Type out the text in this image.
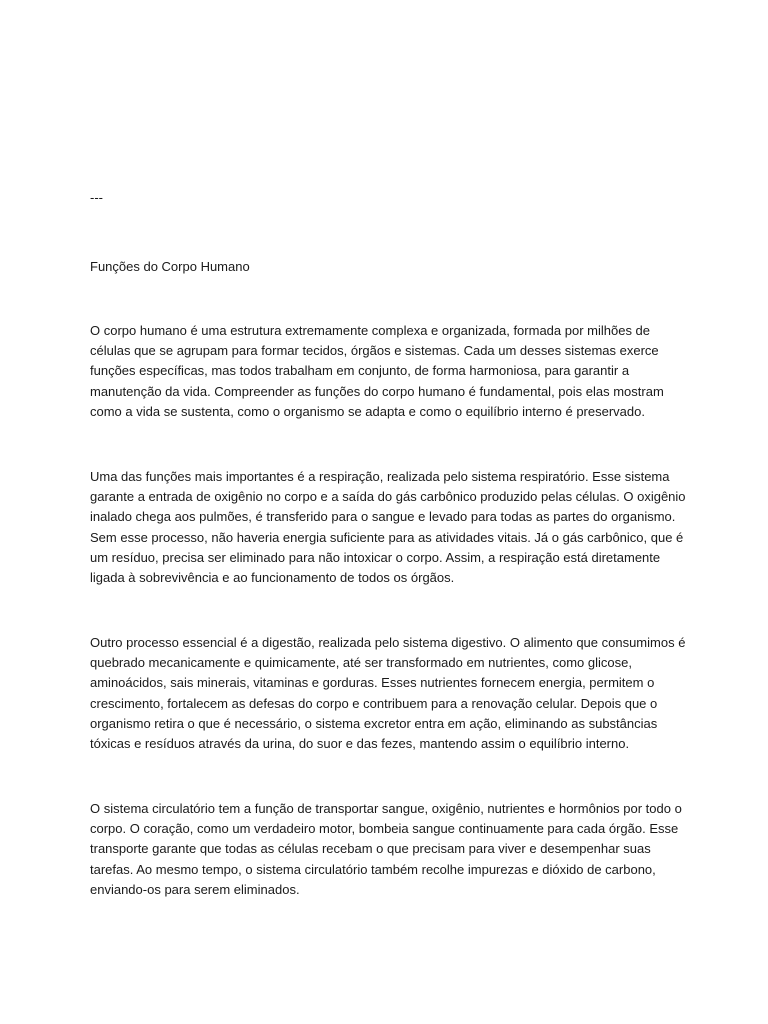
---

Funções do Corpo Humano

O corpo humano é uma estrutura extremamente complexa e organizada, formada por milhões de células que se agrupam para formar tecidos, órgãos e sistemas. Cada um desses sistemas exerce funções específicas, mas todos trabalham em conjunto, de forma harmoniosa, para garantir a manutenção da vida. Compreender as funções do corpo humano é fundamental, pois elas mostram como a vida se sustenta, como o organismo se adapta e como o equilíbrio interno é preservado.

Uma das funções mais importantes é a respiração, realizada pelo sistema respiratório. Esse sistema garante a entrada de oxigênio no corpo e a saída do gás carbônico produzido pelas células. O oxigênio inalado chega aos pulmões, é transferido para o sangue e levado para todas as partes do organismo. Sem esse processo, não haveria energia suficiente para as atividades vitais. Já o gás carbônico, que é um resíduo, precisa ser eliminado para não intoxicar o corpo. Assim, a respiração está diretamente ligada à sobrevivência e ao funcionamento de todos os órgãos.

Outro processo essencial é a digestão, realizada pelo sistema digestivo. O alimento que consumimos é quebrado mecanicamente e quimicamente, até ser transformado em nutrientes, como glicose, aminoácidos, sais minerais, vitaminas e gorduras. Esses nutrientes fornecem energia, permitem o crescimento, fortalecem as defesas do corpo e contribuem para a renovação celular. Depois que o organismo retira o que é necessário, o sistema excretor entra em ação, eliminando as substâncias tóxicas e resíduos através da urina, do suor e das fezes, mantendo assim o equilíbrio interno.

O sistema circulatório tem a função de transportar sangue, oxigênio, nutrientes e hormônios por todo o corpo. O coração, como um verdadeiro motor, bombeia sangue continuamente para cada órgão. Esse transporte garante que todas as células recebam o que precisam para viver e desempenhar suas tarefas. Ao mesmo tempo, o sistema circulatório também recolhe impurezas e dióxido de carbono, enviando-os para serem eliminados.
